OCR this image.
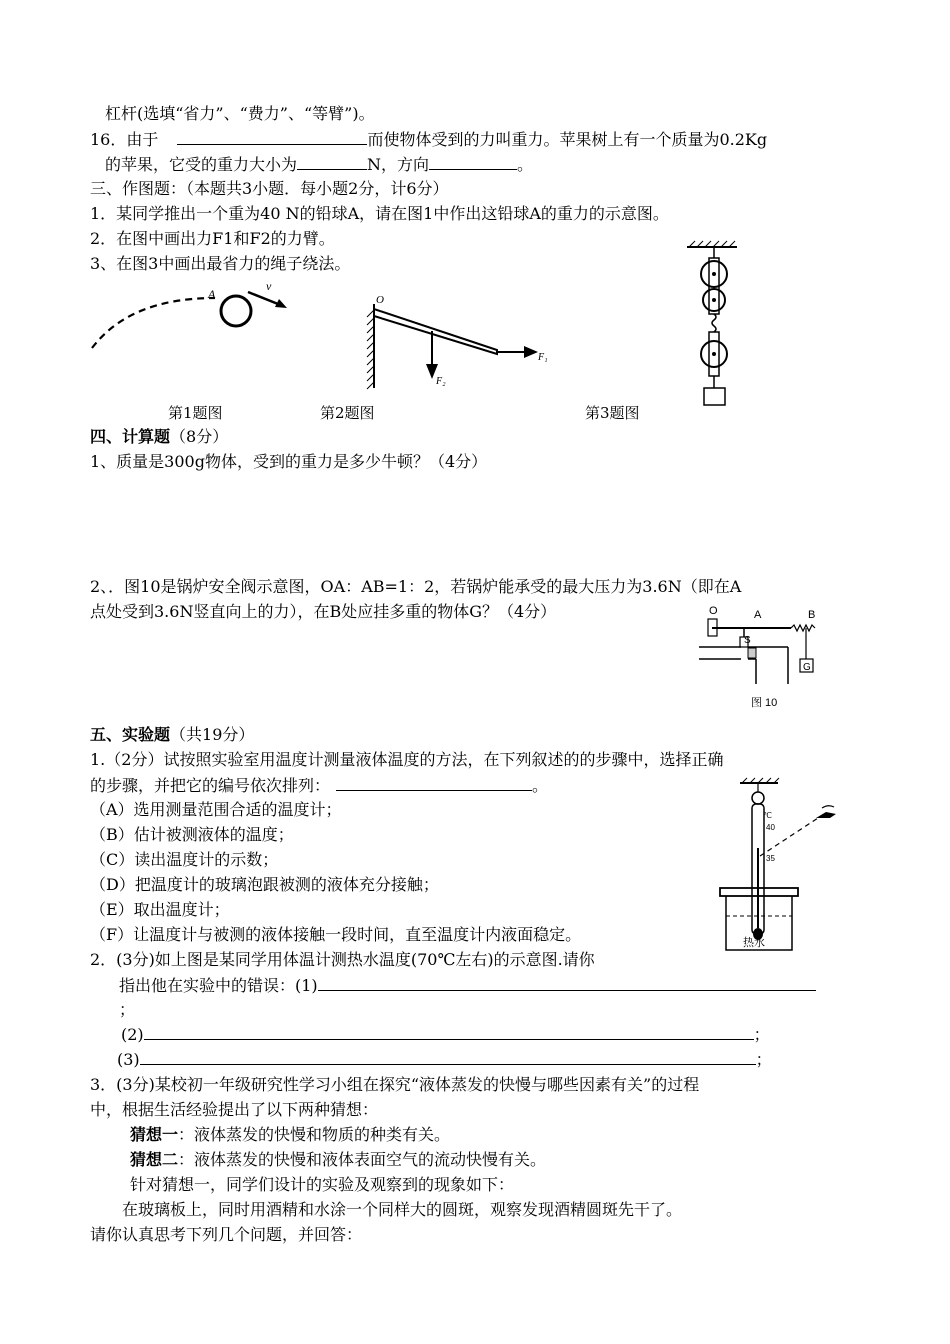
杠杆(选填“省力”、“费力”、“等臂”)。
16．由于	而使物体受到的力叫重力。苹果树上有一个质量为0.2Kg
的苹果，它受的重力大小为	N，方向	。
三、作图题：（本题共3小题．每小题2分，计6分）
1．某同学推出一个重为40 N的铅球A，请在图1中作出这铅球A的重力的示意图。
2．在图中画出力F1和F2的力臂。
3、在图3中画出最省力的绳子绕法。
A
v
O
F₁
F₂
第1题图	第2题图	第3题图
四、计算题（8分）
1、质量是300g物体，受到的重力是多少牛顿？（4分）
2、．图10是锅炉安全阀示意图，OA：AB=1：2，若锅炉能承受的最大压力为3.6N（即在A
点处受到3.6N竖直向上的力），在B处应挂多重的物体G？（4分）	O	A	B
S
G
图 10
五、实验题（共19分）
1.（2分）试按照实验室用温度计测量液体温度的方法，在下列叙述的的步骤中，选择正确
的步骤，并把它的编号依次排列：	。
（A）选用测量范围合适的温度计；
（B）估计被测液体的温度；
（C）读出温度计的示数；
（D）把温度计的玻璃泡跟被测的液体充分接触；
（E）取出温度计；
（F）让温度计与被测的液体接触一段时间，直至温度计内液面稳定。
℃
40
35
热水
2．(3分)如上图是某同学用体温计测热水温度(70℃左右)的示意图.请你
指出他在实验中的错误：(1)
；
(2)	；
(3)	；
3．(3分)某校初一年级研究性学习小组在探究“液体蒸发的快慢与哪些因素有关”的过程
中，根据生活经验提出了以下两种猜想：
猜想一：液体蒸发的快慢和物质的种类有关。
猜想二：液体蒸发的快慢和液体表面空气的流动快慢有关。
针对猜想一，同学们设计的实验及观察到的现象如下：
在玻璃板上，同时用酒精和水涂一个同样大的圆斑，观察发现酒精圆斑先干了。
请你认真思考下列几个问题，并回答：
